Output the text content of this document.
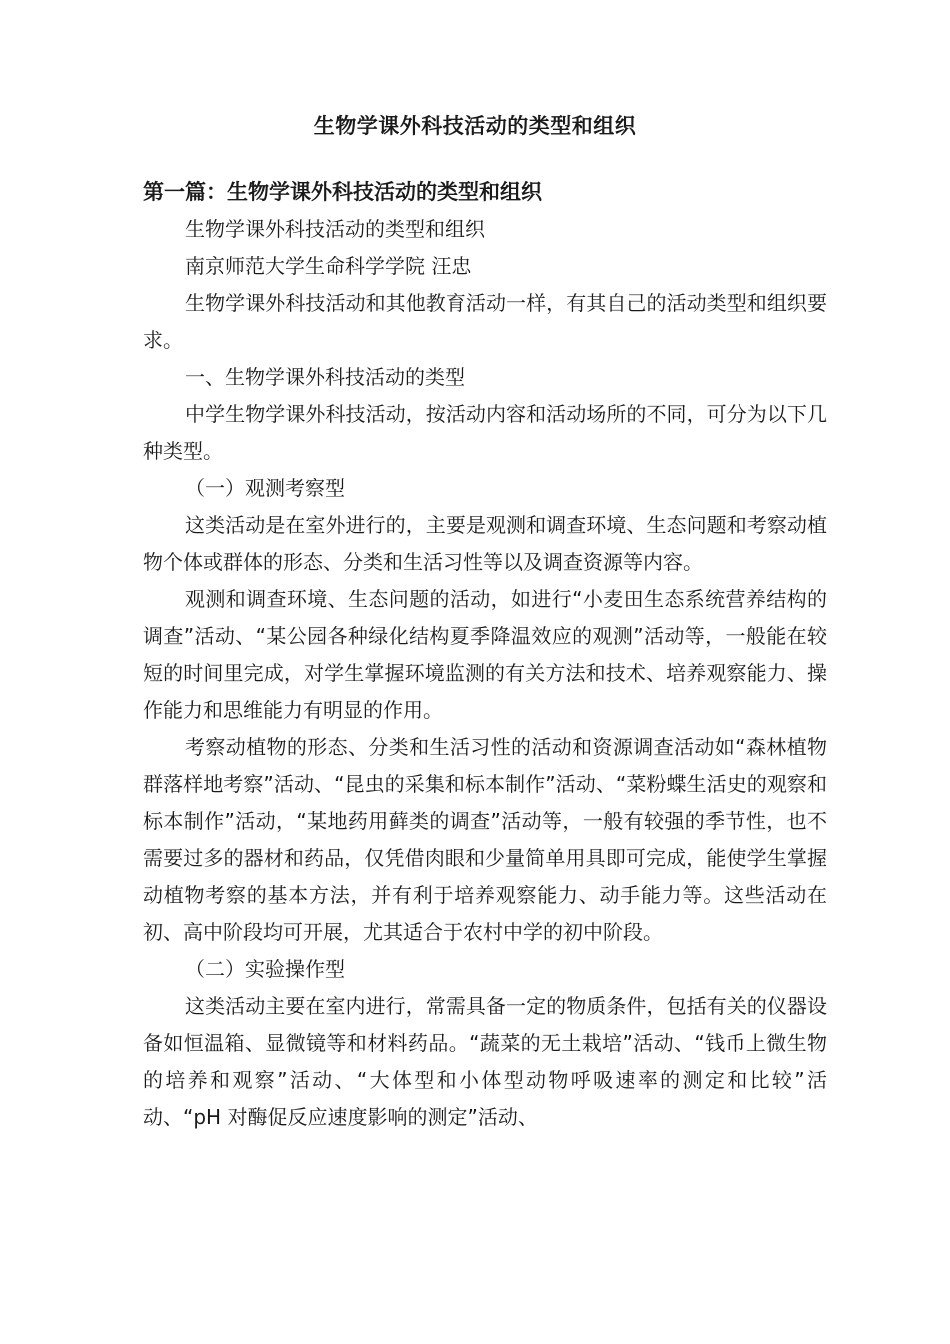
生物学课外科技活动的类型和组织

第一篇：生物学课外科技活动的类型和组织

生物学课外科技活动的类型和组织

南京师范大学生命科学学院 汪忠

生物学课外科技活动和其他教育活动一样，有其自己的活动类型和组织要求。

一、生物学课外科技活动的类型

中学生物学课外科技活动，按活动内容和活动场所的不同，可分为以下几种类型。

（一）观测考察型

这类活动是在室外进行的，主要是观测和调查环境、生态问题和考察动植物个体或群体的形态、分类和生活习性等以及调查资源等内容。

观测和调查环境、生态问题的活动，如进行“小麦田生态系统营养结构的调查”活动、“某公园各种绿化结构夏季降温效应的观测”活动等，一般能在较短的时间里完成，对学生掌握环境监测的有关方法和技术、培养观察能力、操作能力和思维能力有明显的作用。

考察动植物的形态、分类和生活习性的活动和资源调查活动如“森林植物群落样地考察”活动、“昆虫的采集和标本制作”活动、“菜粉蝶生活史的观察和标本制作”活动，“某地药用藓类的调查”活动等，一般有较强的季节性，也不需要过多的器材和药品，仅凭借肉眼和少量简单用具即可完成，能使学生掌握动植物考察的基本方法，并有利于培养观察能力、动手能力等。这些活动在初、高中阶段均可开展，尤其适合于农村中学的初中阶段。

（二）实验操作型

这类活动主要在室内进行，常需具备一定的物质条件，包括有关的仪器设备如恒温箱、显微镜等和材料药品。“蔬菜的无土栽培”活动、“钱币上微生物的培养和观察”活动、“大体型和小体型动物呼吸速率的测定和比较”活动、“pH 对酶促反应速度影响的测定”活动、
